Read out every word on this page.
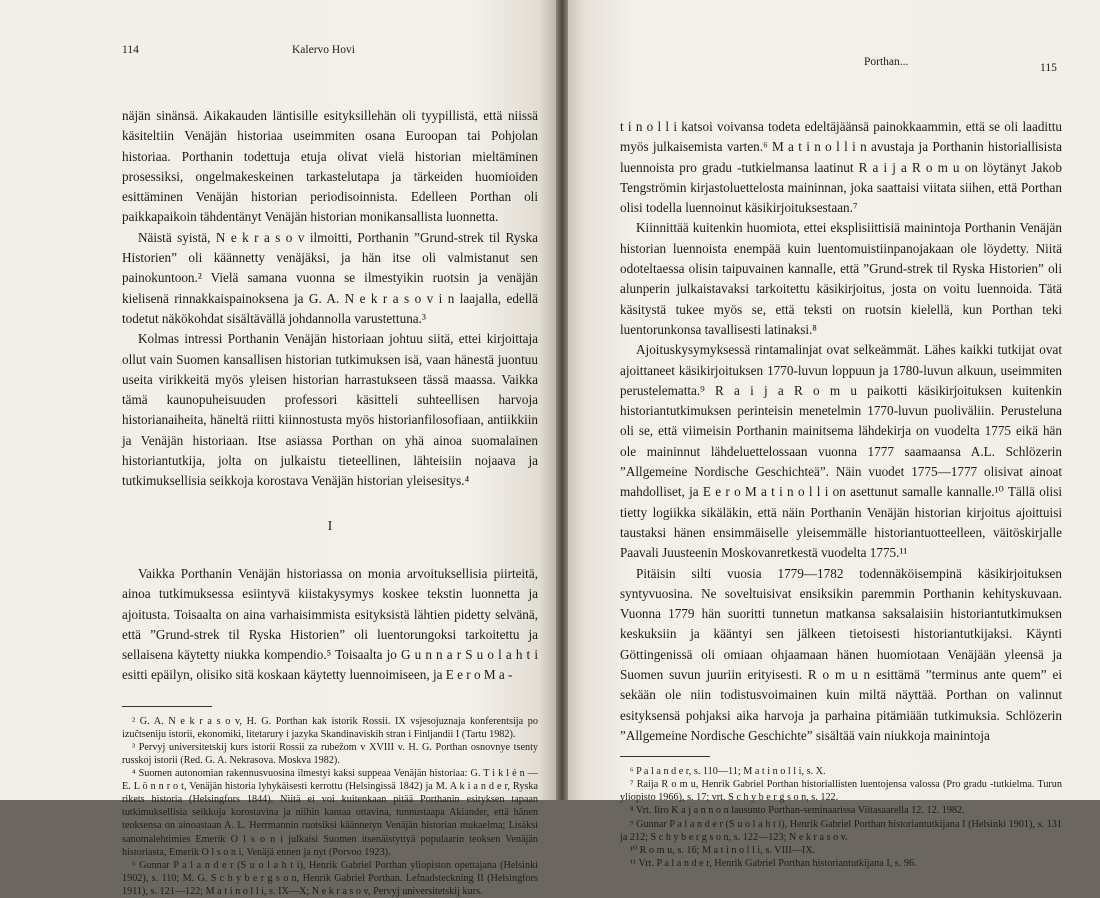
114	Kalervo Hovi

näjän sinänsä. Aikakauden läntisille esityksillehän oli tyypillistä, että niissä käsiteltiin Venäjän historiaa useimmiten osana Euroopan tai Pohjolan historiaa. Porthanin todettuja etuja olivat vielä historian mieltäminen prosessiksi, ongelmakeskeinen tarkastelutapa ja tärkeiden huomioiden esittäminen Venäjän historian periodisoinnista. Edelleen Porthan oli paikkapaikoin tähdentänyt Venäjän historian monikansallista luonnetta.

Näistä syistä, N e k r a s o v ilmoitti, Porthanin ”Grund-strek til Ryska Historien” oli käännetty venäjäksi, ja hän itse oli valmistanut sen painokuntoon.² Vielä samana vuonna se ilmestyikin ruotsin ja venäjän kielisenä rinnakkaispainoksena ja G. A. N e k r a s o v i n laajalla, edellä todetut näkökohdat sisältävällä johdannolla varustettuna.³

Kolmas intressi Porthanin Venäjän historiaan johtuu siitä, ettei kirjoittaja ollut vain Suomen kansallisen historian tutkimuksen isä, vaan hänestä juontuu useita virikkeitä myös yleisen historian harrastukseen tässä maassa. Vaikka tämä kaunopuheisuuden professori käsitteli suhteellisen harvoja historianaiheita, häneltä riitti kiinnostusta myös historianfilosofiaan, antiikkiin ja Venäjän historiaan. Itse asiassa Porthan on yhä ainoa suomalainen historiantutkija, jolta on julkaistu tieteellinen, lähteisiin nojaava ja tutkimuksellisia seikkoja korostava Venäjän historian yleisesitys.⁴

I

Vaikka Porthanin Venäjän historiassa on monia arvoituksellisia piirteitä, ainoa tutkimuksessa esiintyvä kiistakysymys koskee tekstin luonnetta ja ajoitusta. Toisaalta on aina varhaisimmista esityksistä lähtien pidetty selvänä, että ”Grund-strek til Ryska Historien” oli luentorungoksi tarkoitettu ja sellaisena käytetty niukka kompendio.⁵ Toisaalta jo G u n n a r S u o l a h t i esitti epäilyn, olisiko sitä koskaan käytetty luennoimiseen, ja E e r o M a -

² G. A. N e k r a s o v, H. G. Porthan kak istorik Rossii. IX vsjesojuznaja konferentsija po izuĉtseniju istorii, ekonomiki, litetarury i jazyka Skandinaviskih stran i Finljandii I (Tartu 1982).

³ Pervyj universitetskij kurs istorii Rossii za rubežom v XVIII v. H. G. Porthan osnovnye tsenty russkoj istorii (Red. G. A. Nekrasova. Moskva 1982).

⁴ Suomen autonomian rakennusvuosina ilmestyi kaksi suppeaa Venäjän historiaa: G. T i k l é n — E. L ö n n r o t, Venäjän historia lyhykäisesti kerrottu (Helsingissä 1842) ja M. A k i a n d e r, Ryska rikets historia (Helsingfors 1844). Niitä ei voi kuitenkaan pitää Porthanin esityksen tapaan tutkimuksellisia seikkoja korostavina ja niihin kantaa ottavina, tunnustaapa Akiander, että hänen teoksensa on ainoastaan A. L. Herrmannin ruotsiksi käännetyn Venäjän historian mukaelma; Lisäksi sanomalehtimies Emerik O l s o n i julkaisi Suomen itsenäistyttyä populaarin teoksen Venäjän historiasta, Emerik O l s o n i, Venäjä ennen ja nyt (Porvoo 1923).

⁵ Gunnar P a l a n d e r (S u o l a h t i), Henrik Gabriel Porthan yliopiston opettajana (Helsinki 1902), s. 110; M. G. S c h y b e r g s o n, Henrik Gabriel Porthan. Lefnadsteckning II (Helsingfors 1911), s. 121—122; M a t i n o l l i, s. IX—X; N e k r a s o v, Pervyj universitetskij kurs.

Porthan...	115

t i n o l l i katsoi voivansa todeta edeltäjäänsä painokkaammin, että se oli laadittu myös julkaisemista varten.⁶ M a t i n o l l i n avustaja ja Porthanin historiallisista luennoista pro gradu -tutkielmansa laatinut R a i j a R o m u on löytänyt Jakob Tengströmin kirjastoluettelosta maininnan, joka saattaisi viitata siihen, että Porthan olisi todella luennoinut käsikirjoituksestaan.⁷

Kiinnittää kuitenkin huomiota, ettei eksplisiittisiä mainintoja Porthanin Venäjän historian luennoista enempää kuin luentomuistiinpanojakaan ole löydetty. Niitä odoteltaessa olisin taipuvainen kannalle, että ”Grund-strek til Ryska Historien” oli alunperin julkaistavaksi tarkoitettu käsikirjoitus, josta on voitu luennoida. Tätä käsitystä tukee myös se, että teksti on ruotsin kielellä, kun Porthan teki luentorunkonsa tavallisesti latinaksi.⁸

Ajoituskysymyksessä rintamalinjat ovat selkeämmät. Lähes kaikki tutkijat ovat ajoittaneet käsikirjoituksen 1770-luvun loppuun ja 1780-luvun alkuun, useimmiten perustelematta.⁹ R a i j a R o m u paikotti käsikirjoituksen kuitenkin historiantutkimuksen perinteisin menetelmin 1770-luvun puoliväliin. Perusteluna oli se, että viimeisin Porthanin mainitsema lähdekirja on vuodelta 1775 eikä hän ole maininnut lähdeluettelossaan vuonna 1777 saamaansa A.L. Schlözerin ”Allgemeine Nordische Geschichteä”. Näin vuodet 1775—1777 olisivat ainoat mahdolliset, ja E e r o M a t i n o l l i on asettunut samalle kannalle.¹⁰ Tällä olisi tietty logiikka sikäläkin, että näin Porthanin Venäjän historian kirjoitus ajoittuisi taustaksi hänen ensimmäiselle yleisemmälle historiantuotteelleen, väitöskirjalle Paavali Juusteenin Moskovanretkestä vuodelta 1775.¹¹

Pitäisin silti vuosia 1779—1782 todennäköisempinä käsikirjoituksen syntyvuosina. Ne soveltuisivat ensiksikin paremmin Porthanin kehityskuvaan. Vuonna 1779 hän suoritti tunnetun matkansa saksalaisiin historiantutkimuksen keskuksiin ja kääntyi sen jälkeen tietoisesti historiantutkijaksi. Käynti Göttingenissä oli omiaan ohjaamaan hänen huomiotaan Venäjään yleensä ja Suomen suvun juuriin erityisesti. R o m u n esittämä ”terminus ante quem” ei sekään ole niin todistusvoimainen kuin miltä näyttää. Porthan on valinnut esityksensä pohjaksi aika harvoja ja parhaina pitämiään tutkimuksia. Schlözerin ”Allgemeine Nordische Geschichte” sisältää vain niukkoja mainintoja

⁶ P a l a n d e r, s. 110—11; M a t i n o l l i, s. X.

⁷ Raija R o m u, Henrik Gabriel Porthan historiallisten luentojensa valossa (Pro gradu -tutkielma. Turun yliopisto 1966), s. 17; vrt. S c h y b e r g s o n, s. 122.

⁸ Vrt. Iiro K a j a n n o n lausunto Porthan-seminaarissa Viitasaarella 12. 12. 1982.

⁹ Gunnar P a l a n d e r (S u o l a h t i), Henrik Gabriel Porthan historiantutkijana I (Helsinki 1901), s. 131 ja 212; S c h y b e r g s o n, s. 122—123; N e k r a s o v.

¹⁰ R o m u, s. 16; M a t i n o l l i, s. VIII—IX.

¹¹ Vrt. P a l a n d e r, Henrik Gabriel Porthan historiantutkijana I, s. 96.
